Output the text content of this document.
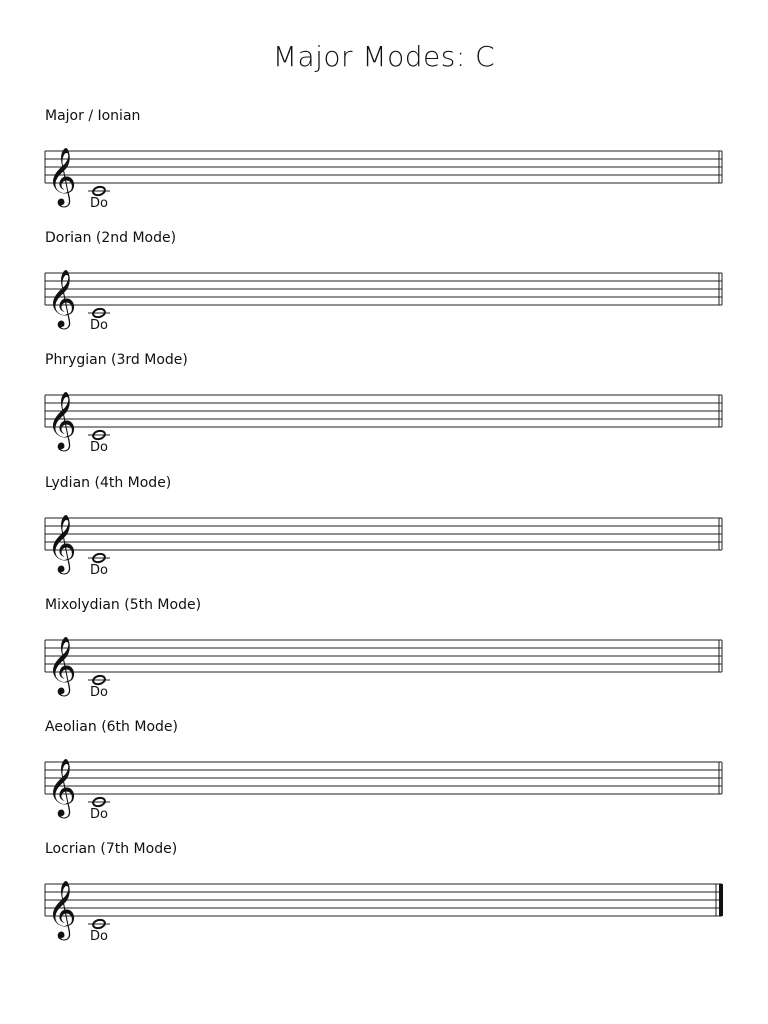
Major Modes: C
Major / Ionian
𝄞 Do
Dorian (2nd Mode)
𝄞 Do
Phrygian (3rd Mode)
𝄞 Do
Lydian (4th Mode)
𝄞 Do
Mixolydian (5th Mode)
𝄞 Do
Aeolian (6th Mode)
𝄞 Do
Locrian (7th Mode)
𝄞 Do
